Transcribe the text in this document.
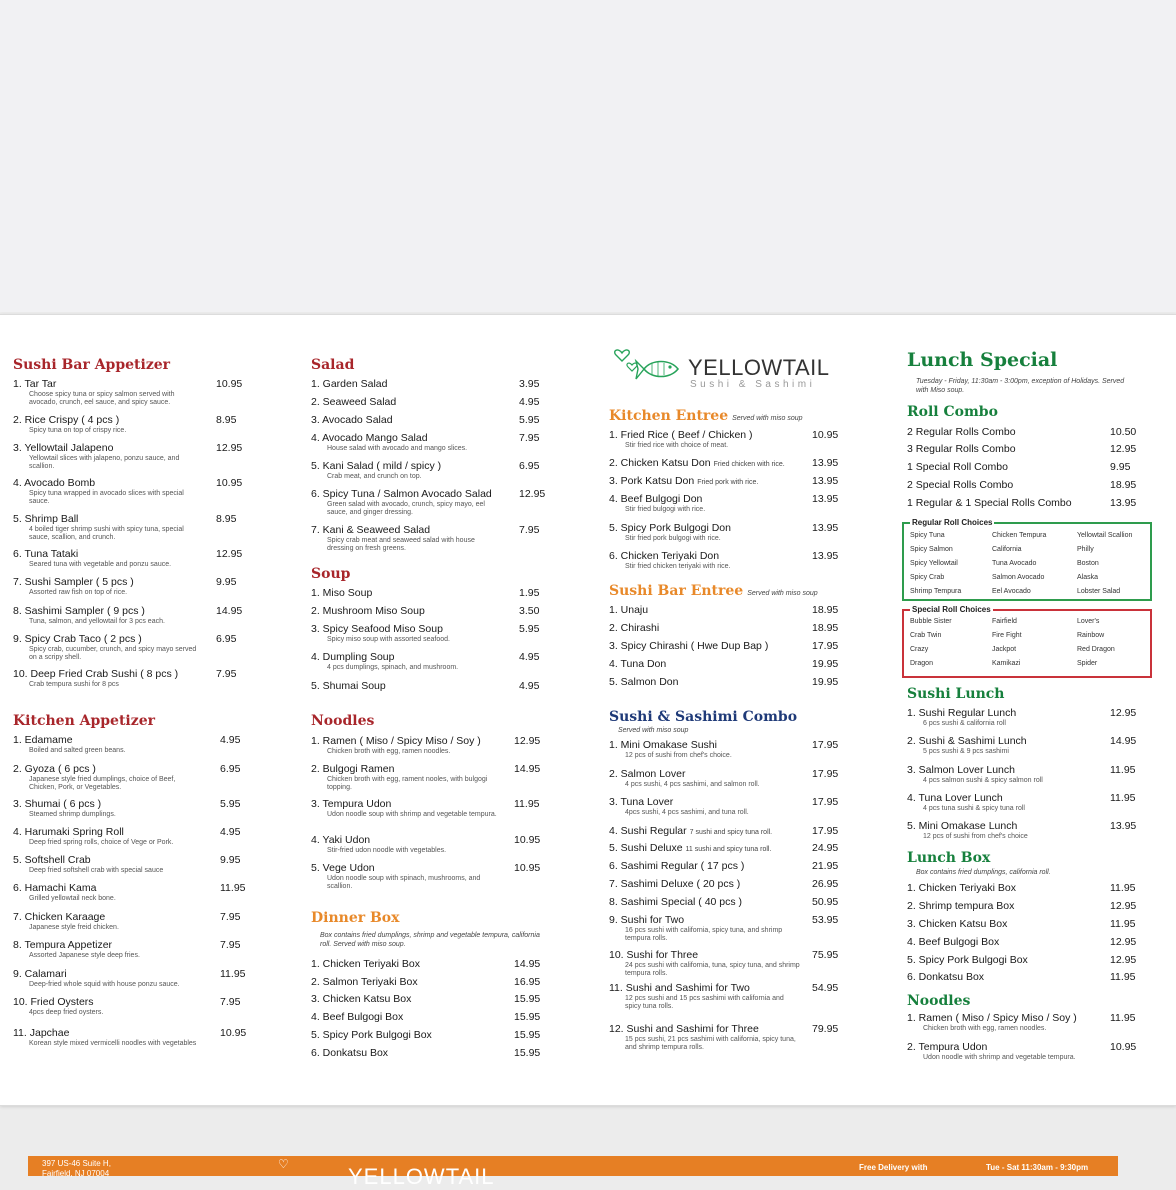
Sushi Bar Appetizer
1. Tar Tar
Choose spicy tuna or spicy salmon served with avocado, crunch, eel sauce, and spicy sauce.
10.95
2. Rice Crispy ( 4 pcs )
Spicy tuna on top of crispy rice.
8.95
3. Yellowtail Jalapeno
Yellowtail slices with jalapeno, ponzu sauce, and scallion.
12.95
4. Avocado Bomb
Spicy tuna wrapped in avocado slices with special sauce.
10.95
5. Shrimp Ball
4 boiled tiger shrimp sushi with spicy tuna, special sauce, scallion, and crunch.
8.95
6. Tuna Tataki
Seared tuna with vegetable and ponzu sauce.
12.95
7. Sushi Sampler ( 5 pcs )
Assorted raw fish on top of rice.
9.95
8. Sashimi Sampler ( 9 pcs )
Tuna, salmon, and yellowtail for 3 pcs each.
14.95
9. Spicy Crab Taco ( 2 pcs )
Spicy crab, cucumber, crunch, and spicy mayo served on a scripy shell.
6.95
10. Deep Fried Crab Sushi ( 8 pcs )
Crab tempura sushi for 8 pcs
7.95
Kitchen Appetizer
1. Edamame
Boiled and salted green beans.
4.95
2. Gyoza ( 6 pcs )
Japanese style fried dumplings, choice of Beef, Chicken, Pork, or Vegetables.
6.95
3. Shumai ( 6 pcs )
Steamed shrimp dumplings.
5.95
4. Harumaki Spring Roll
Deep fried spring rolls, choice of Vege or Pork.
4.95
5. Softshell Crab
Deep fried softshell crab with special sauce
9.95
6. Hamachi Kama
Grilled yellowtail neck bone.
11.95
7. Chicken Karaage
Japanese style freid chicken.
7.95
8. Tempura Appetizer
Assorted Japanese style deep fries.
7.95
9. Calamari
Deep-fried whole squid with house ponzu sauce.
11.95
10. Fried Oysters
4pcs deep fried oysters.
7.95
11. Japchae
Korean style mixed vermicelli noodles with vegetables
10.95
Salad
1. Garden Salad	3.95
2. Seaweed Salad	4.95
3. Avocado Salad	5.95
4. Avocado Mango Salad
House salad with avocado and mango slices.
7.95
5. Kani Salad ( mild / spicy )
Crab meat, and crunch on top.
6.95
6. Spicy Tuna / Salmon Avocado Salad
Green salad with avocado, crunch, spicy mayo, eel sauce, and ginger dressing.
12.95
7. Kani & Seaweed Salad
Spicy crab meat and seaweed salad with house dressing on fresh greens.
7.95
Soup
1. Miso Soup	1.95
2. Mushroom Miso Soup	3.50
3. Spicy Seafood Miso Soup
Spicy miso soup with assorted seafood.
5.95
4. Dumpling Soup
4 pcs dumplings, spinach, and mushroom.
4.95
5. Shumai Soup	4.95
Noodles
1. Ramen ( Miso / Spicy Miso / Soy )
Chicken broth with egg, ramen noodles.
12.95
2. Bulgogi Ramen
Chicken broth with egg, rament nooles, with bulgogi topping.
14.95
3. Tempura Udon
Udon noodle soup with shrimp and vegetable tempura.
11.95
4. Yaki Udon
Stir-fried udon noodle with vegetables.
10.95
5. Vege Udon
Udon noodle soup with spinach, mushrooms, and scallion.
10.95
Dinner Box
Box contains fried dumplings, shrimp and vegetable tempura, california roll. Served with miso soup.
1. Chicken Teriyaki Box	14.95
2. Salmon Teriyaki Box	16.95
3. Chicken Katsu Box	15.95
4. Beef Bulgogi Box	15.95
5. Spicy Pork Bulgogi Box	15.95
6. Donkatsu Box	15.95
YELLOWTAIL
Sushi & Sashimi
Kitchen Entree Served with miso soup
1. Fried Rice ( Beef / Chicken )
Stir fried rice with choice of meat.
10.95
2. Chicken Katsu Don Fried chicken with rice.	13.95
3. Pork Katsu Don Fried pork with rice.	13.95
4. Beef Bulgogi Don
Stir fried bulgogi with rice.
13.95
5. Spicy Pork Bulgogi Don
Stir fried pork bulgogi with rice.
13.95
6. Chicken Teriyaki Don
Stir fried chicken teriyaki with rice.
13.95
Sushi Bar Entree Served with miso soup
1. Unaju	18.95
2. Chirashi	18.95
3. Spicy Chirashi ( Hwe Dup Bap )	17.95
4. Tuna Don	19.95
5. Salmon Don	19.95
Sushi & Sashimi Combo
Served with miso soup
1. Mini Omakase Sushi
12 pcs of sushi from chef's choice.
17.95
2. Salmon Lover
4 pcs sushi, 4 pcs sashimi, and salmon roll.
17.95
3. Tuna Lover
4pcs sushi, 4 pcs sashimi, and tuna roll.
17.95
4. Sushi Regular 7 sushi and spicy tuna roll.	17.95
5. Sushi Deluxe 11 sushi and spicy tuna roll.	24.95
6. Sashimi Regular ( 17 pcs )	21.95
7. Sashimi Deluxe ( 20 pcs )	26.95
8. Sashimi Special ( 40 pcs )	50.95
9. Sushi for Two
16 pcs sushi with california, spicy tuna, and shrimp tempura rolls.
53.95
10. Sushi for Three
24 pcs sushi with california, tuna, spicy tuna, and shrimp tempura rolls.
75.95
11. Sushi and Sashimi for Two
12 pcs sushi and 15 pcs sashimi with california and spicy tuna rolls.
54.95
12. Sushi and Sashimi for Three
15 pcs sushi, 21 pcs sashimi with california, spicy tuna, and shrimp tempura rolls.
79.95
Lunch Special
Tuesday - Friday, 11:30am - 3:00pm, exception of Holidays. Served with Miso soup.
Roll Combo
2 Regular Rolls Combo	10.50
3 Regular Rolls Combo	12.95
1 Special Roll Combo	9.95
2 Special Rolls Combo	18.95
1 Regular & 1 Special Rolls Combo	13.95
Regular Roll Choices
Spicy Tuna	Chicken Tempura	Yellowtail Scallion
Spicy Salmon	California	Philly
Spicy Yellowtail	Tuna Avocado	Boston
Spicy Crab	Salmon Avocado	Alaska
Shrimp Tempura	Eel Avocado	Lobster Salad
Special Roll Choices
Bubble Sister	Fairfield	Lover's
Crab Twin	Fire Fight	Rainbow
Crazy	Jackpot	Red Dragon
Dragon	Kamikazi	Spider
Sushi Lunch
1. Sushi Regular Lunch
6 pcs sushi & california roll
12.95
2. Sushi & Sashimi Lunch
5 pcs sushi & 9 pcs sashimi
14.95
3. Salmon Lover Lunch
4 pcs salmon sushi & spicy salmon roll
11.95
4. Tuna Lover Lunch
4 pcs tuna sushi & spicy tuna roll
11.95
5. Mini Omakase Lunch
12 pcs of sushi from chef's choice
13.95
Lunch Box
Box contains fried dumplings, california roll.
1. Chicken Teriyaki Box	11.95
2. Shrimp tempura Box	12.95
3. Chicken Katsu Box	11.95
4. Beef Bulgogi Box	12.95
5. Spicy Pork Bulgogi Box	12.95
6. Donkatsu Box	11.95
Noodles
1. Ramen ( Miso / Spicy Miso / Soy )
Chicken broth with egg, ramen noodles.
11.95
2. Tempura Udon
Udon noodle with shrimp and vegetable tempura.
10.95
397 US-46 Suite H,
Fairfield, NJ 07004
♡	YELLOWTAIL	Free Delivery with	Tue - Sat 11:30am - 9:30pm
